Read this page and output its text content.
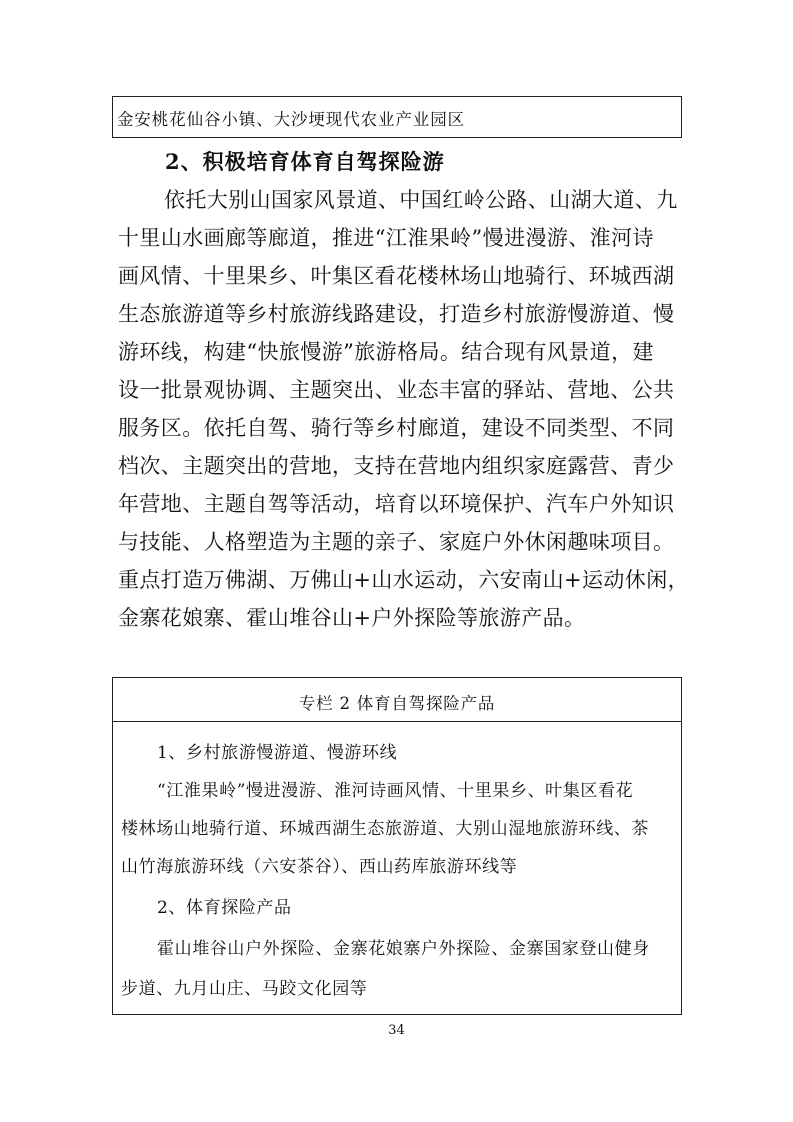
金安桃花仙谷小镇、大沙埂现代农业产业园区
2、积极培育体育自驾探险游
依托大别山国家风景道、中国红岭公路、山湖大道、九
十里山水画廊等廊道，推进“江淮果岭”慢进漫游、淮河诗
画风情、十里果乡、叶集区看花楼林场山地骑行、环城西湖
生态旅游道等乡村旅游线路建设，打造乡村旅游慢游道、慢
游环线，构建“快旅慢游”旅游格局。结合现有风景道，建
设一批景观协调、主题突出、业态丰富的驿站、营地、公共
服务区。依托自驾、骑行等乡村廊道，建设不同类型、不同
档次、主题突出的营地，支持在营地内组织家庭露营、青少
年营地、主题自驾等活动，培育以环境保护、汽车户外知识
与技能、人格塑造为主题的亲子、家庭户外休闲趣味项目。
重点打造万佛湖、万佛山+山水运动，六安南山+运动休闲，
金寨花娘寨、霍山堆谷山+户外探险等旅游产品。
专栏 2 体育自驾探险产品
1、乡村旅游慢游道、慢游环线
“江淮果岭”慢进漫游、淮河诗画风情、十里果乡、叶集区看花
楼林场山地骑行道、环城西湖生态旅游道、大别山湿地旅游环线、茶
山竹海旅游环线（六安茶谷）、西山药库旅游环线等
2、体育探险产品
霍山堆谷山户外探险、金寨花娘寨户外探险、金寨国家登山健身
步道、九月山庄、马跤文化园等
34
